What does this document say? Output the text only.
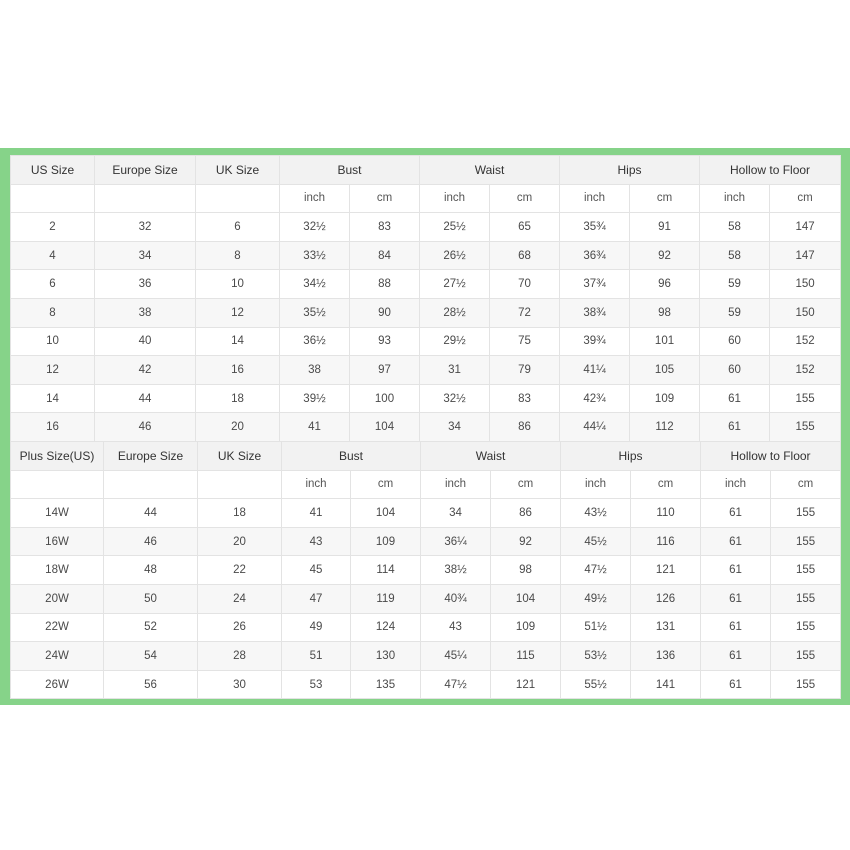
US Size	Europe Size	UK Size	Bust		Waist		Hips		Hollow to Floor	
			inch	cm	inch	cm	inch	cm	inch	cm
2	32	6	32½	83	25½	65	35¾	91	58	147
4	34	8	33½	84	26½	68	36¾	92	58	147
6	36	10	34½	88	27½	70	37¾	96	59	150
8	38	12	35½	90	28½	72	38¾	98	59	150
10	40	14	36½	93	29½	75	39¾	101	60	152
12	42	16	38	97	31	79	41¼	105	60	152
14	44	18	39½	100	32½	83	42¾	109	61	155
16	46	20	41	104	34	86	44¼	112	61	155
Plus Size(US)	Europe Size	UK Size	Bust		Waist		Hips		Hollow to Floor	
			inch	cm	inch	cm	inch	cm	inch	cm
14W	44	18	41	104	34	86	43½	110	61	155
16W	46	20	43	109	36¼	92	45½	116	61	155
18W	48	22	45	114	38½	98	47½	121	61	155
20W	50	24	47	119	40¾	104	49½	126	61	155
22W	52	26	49	124	43	109	51½	131	61	155
24W	54	28	51	130	45¼	115	53½	136	61	155
26W	56	30	53	135	47½	121	55½	141	61	155
